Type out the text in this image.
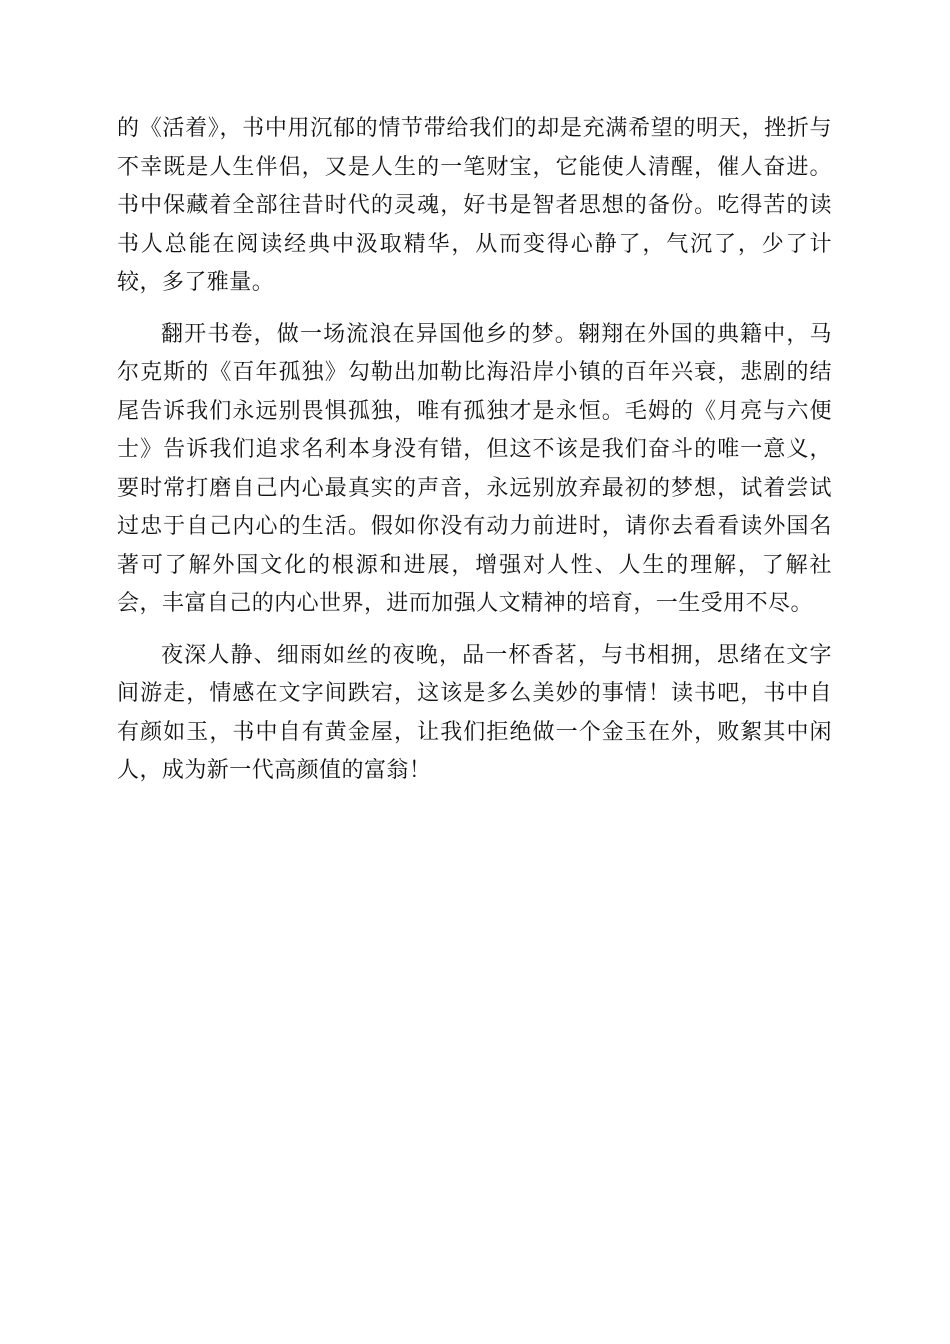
的《活着》，书中用沉郁的情节带给我们的却是充满希望的明天，挫折与不幸既是人生伴侣，又是人生的一笔财宝，它能使人清醒，催人奋进。书中保藏着全部往昔时代的灵魂，好书是智者思想的备份。吃得苦的读书人总能在阅读经典中汲取精华，从而变得心静了，气沉了，少了计较，多了雅量。

翻开书卷，做一场流浪在异国他乡的梦。翱翔在外国的典籍中，马尔克斯的《百年孤独》勾勒出加勒比海沿岸小镇的百年兴衰，悲剧的结尾告诉我们永远别畏惧孤独，唯有孤独才是永恒。毛姆的《月亮与六便士》告诉我们追求名利本身没有错，但这不该是我们奋斗的唯一意义，要时常打磨自己内心最真实的声音，永远别放弃最初的梦想，试着尝试过忠于自己内心的生活。假如你没有动力前进时，请你去看看读外国名著可了解外国文化的根源和进展，增强对人性、人生的理解，了解社会，丰富自己的内心世界，进而加强人文精神的培育，一生受用不尽。

夜深人静、细雨如丝的夜晚，品一杯香茗，与书相拥，思绪在文字间游走，情感在文字间跌宕，这该是多么美妙的事情！读书吧，书中自有颜如玉，书中自有黄金屋，让我们拒绝做一个金玉在外，败絮其中闲人，成为新一代高颜值的富翁！
